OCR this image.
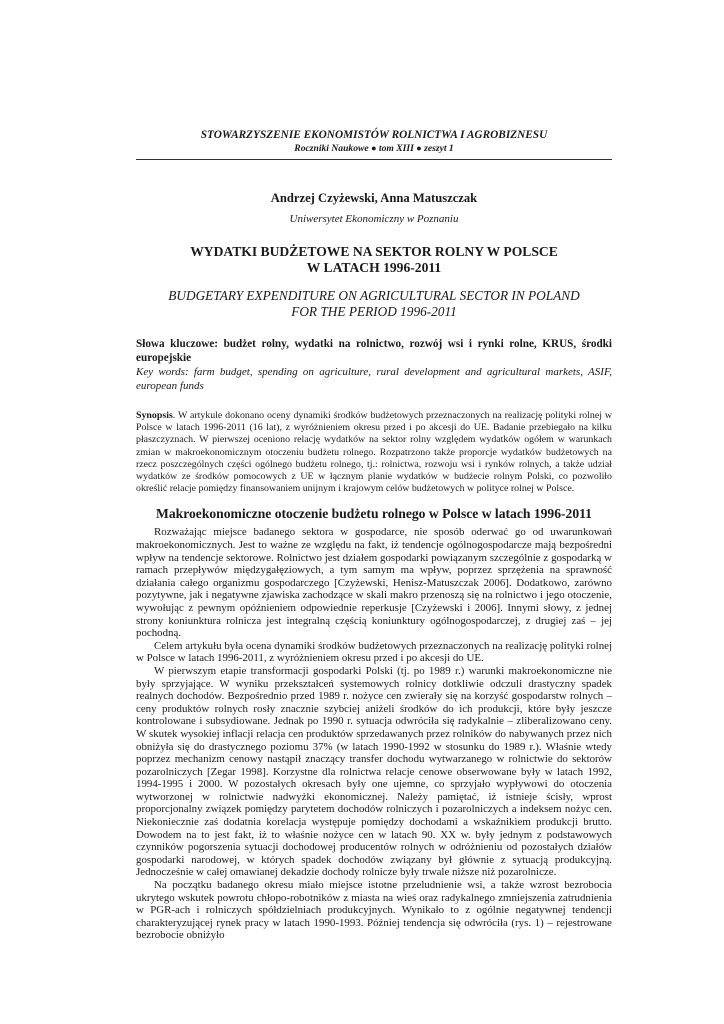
STOWARZYSZENIE EKONOMISTÓW ROLNICTWA I AGROBIZNESU
Roczniki Naukowe ● tom XIII ● zeszyt 1
Andrzej Czyżewski, Anna Matuszczak
Uniwersytet Ekonomiczny w Poznaniu
WYDATKI BUDŻETOWE NA SEKTOR ROLNY W POLSCE
W LATACH 1996-2011
BUDGETARY EXPENDITURE ON AGRICULTURAL SECTOR IN POLAND
FOR THE PERIOD 1996-2011
Słowa kluczowe: budżet rolny, wydatki na rolnictwo, rozwój wsi i rynki rolne, KRUS, środki europejskie
Key words: farm budget, spending on agriculture, rural development and agricultural markets, ASIF, european funds
Synopsis. W artykule dokonano oceny dynamiki środków budżetowych przeznaczonych na realizację polityki rolnej w Polsce w latach 1996-2011 (16 lat), z wyróżnieniem okresu przed i po akcesji do UE. Badanie przebiegało na kilku płaszczyznach. W pierwszej oceniono relację wydatków na sektor rolny względem wydatków ogółem w warunkach zmian w makroekonomicznym otoczeniu budżetu rolnego. Rozpatrzono także proporcje wydatków budżetowych na rzecz poszczególnych części ogólnego budżetu rolnego, tj.: rolnictwa, rozwoju wsi i rynków rolnych, a także udział wydatków ze środków pomocowych z UE w łącznym planie wydatków w budżecie rolnym Polski, co pozwoliło określić relacje pomiędzy finansowaniem unijnym i krajowym celów budżetowych w polityce rolnej w Polsce.
Makroekonomiczne otoczenie budżetu rolnego w Polsce w latach 1996-2011

Rozważając miejsce badanego sektora w gospodarce, nie sposób oderwać go od uwarunkowań makroekonomicznych. Jest to ważne ze względu na fakt, iż tendencje ogólnogospodarcze mają bezpośredni wpływ na tendencje sektorowe. Rolnictwo jest działem gospodarki powiązanym szczególnie z gospodarką w ramach przepływów międzygałęziowych, a tym samym ma wpływ, poprzez sprzężenia na sprawność działania całego organizmu gospodarczego [Czyżewski, Henisz-Matuszczak 2006]. Dodatkowo, zarówno pozytywne, jak i negatywne zjawiska zachodzące w skali makro przenoszą się na rolnictwo i jego otoczenie, wywołując z pewnym opóźnieniem odpowiednie reperkusje [Czyżewski i 2006]. Innymi słowy, z jednej strony koniunktura rolnicza jest integralną częścią koniunktury ogólnogospodarczej, z drugiej zaś – jej pochodną.

Celem artykułu była ocena dynamiki środków budżetowych przeznaczonych na realizację polityki rolnej w Polsce w latach 1996-2011, z wyróżnieniem okresu przed i po akcesji do UE.

W pierwszym etapie transformacji gospodarki Polski (tj. po 1989 r.) warunki makroekonomiczne nie były sprzyjające. W wyniku przekształceń systemowych rolnicy dotkliwie odczuli drastyczny spadek realnych dochodów. Bezpośrednio przed 1989 r. nożyce cen zwierały się na korzyść gospodarstw rolnych – ceny produktów rolnych rosły znacznie szybciej aniżeli środków do ich produkcji, które były jeszcze kontrolowane i subsydiowane. Jednak po 1990 r. sytuacja odwróciła się radykalnie – zliberalizowano ceny. W skutek wysokiej inflacji relacja cen produktów sprzedawanych przez rolników do nabywanych przez nich obniżyła się do drastycznego poziomu 37% (w latach 1990-1992 w stosunku do 1989 r.). Właśnie wtedy poprzez mechanizm cenowy nastąpił znaczący transfer dochodu wytwarzanego w rolnictwie do sektorów pozarolniczych [Zegar 1998]. Korzystne dla rolnictwa relacje cenowe obserwowane były w latach 1992, 1994-1995 i 2000. W pozostałych okresach były one ujemne, co sprzyjało wypływowi do otoczenia wytworzonej w rolnictwie nadwyżki ekonomicznej. Należy pamiętać, iż istnieje ścisły, wprost proporcjonalny związek pomiędzy parytetem dochodów rolniczych i pozarolniczych a indeksem nożyc cen. Niekoniecznie zaś dodatnia korelacja występuje pomiędzy dochodami a wskaźnikiem produkcji brutto. Dowodem na to jest fakt, iż to właśnie nożyce cen w latach 90. XX w. były jednym z podstawowych czynników pogorszenia sytuacji dochodowej producentów rolnych w odróżnieniu od pozostałych działów gospodarki narodowej, w których spadek dochodów związany był głównie z sytuacją produkcyjną. Jednocześnie w całej omawianej dekadzie dochody rolnicze były trwale niższe niż pozarolnicze.

Na początku badanego okresu miało miejsce istotne przeludnienie wsi, a także wzrost bezrobocia ukrytego wskutek powrotu chłopo-robotników z miasta na wieś oraz radykalnego zmniejszenia zatrudnienia w PGR-ach i rolniczych spółdzielniach produkcyjnych. Wynikało to z ogólnie negatywnej tendencji charakteryzującej rynek pracy w latach 1990-1993. Później tendencja się odwróciła (rys. 1) – rejestrowane bezrobocie obniżyło
